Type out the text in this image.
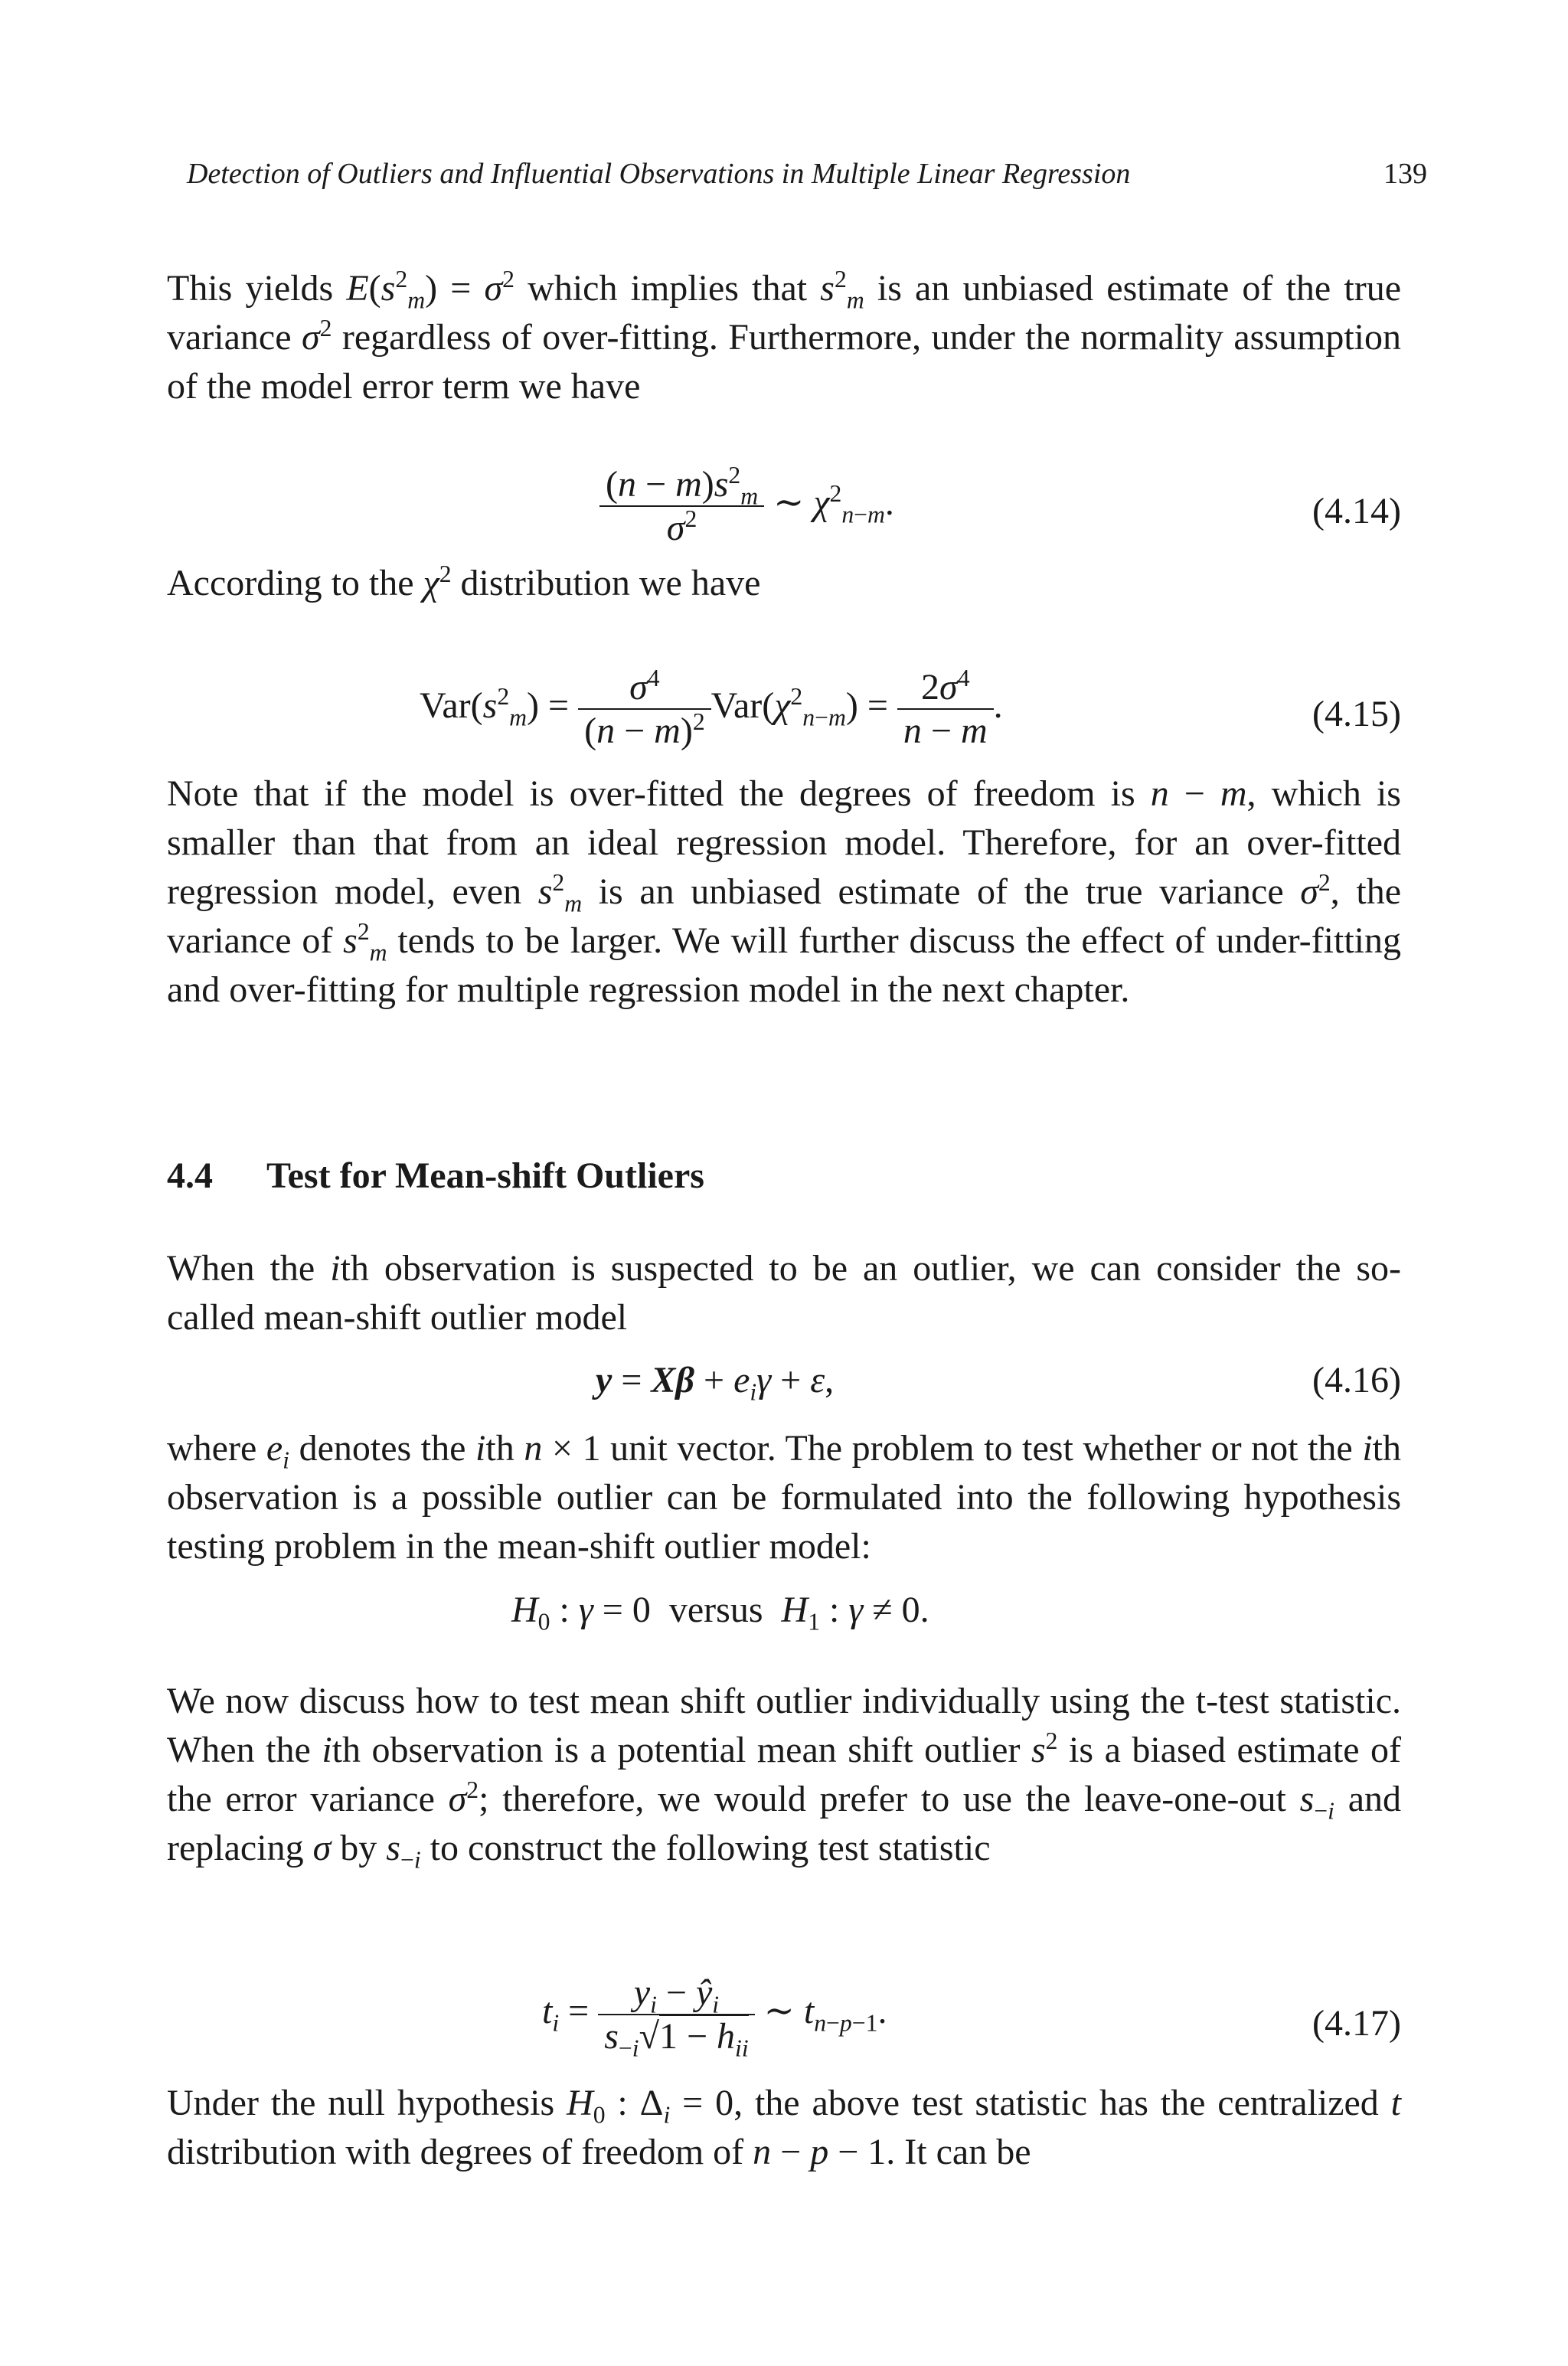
Detection of Outliers and Influential Observations in Multiple Linear Regression	139

This yields $E(s^2_m) = \sigma^2$ which implies that $s^2_m$ is an unbiased estimate of the true variance $\sigma^2$ regardless of over-fitting. Furthermore, under the normality assumption of the model error term we have

$\frac{(n - m)s^2_m}{\sigma^2}$ ∼ $\chi^2_{n-m}$.	(4.14)

According to the $\chi^2$ distribution we have

$Var(s^2_m) = \frac{\sigma^4}{(n - m)^2} Var(\chi^2_{n-m}) = \frac{2\sigma^4}{n - m}$ .	(4.15)

Note that if the model is over-fitted the degrees of freedom is n − m, which is smaller than that from an ideal regression model. Therefore, for an over-fitted regression model, even $s^2_m$ is an unbiased estimate of the true variance $\sigma^2$, the variance of $s^2_m$ tends to be larger. We will further discuss the effect of under-fitting and over-fitting for multiple regression model in the next chapter.

4.4 Test for Mean-shift Outliers

When the ith observation is suspected to be an outlier, we can consider the so-called mean-shift outlier model

$y = X\beta + e_i\gamma + \varepsilon$,	(4.16)

where $e_i$ denotes the ith n × 1 unit vector. The problem to test whether or not the ith observation is a possible outlier can be formulated into the following hypothesis testing problem in the mean-shift outlier model:

$H_0$ : γ = 0  versus $H_1$ : γ ≠ 0.

We now discuss how to test mean shift outlier individually using the t-test statistic. When the ith observation is a potential mean shift outlier $s^2$ is a biased estimate of the error variance $\sigma^2$; therefore, we would prefer to use the leave-one-out $s_{-i}$ and replacing σ by $s_{-i}$ to construct the following test statistic

$t_i = \frac{y_i - ŷ_i}{s_{-i}√1 - h_{ii}}$ ∼ $t_{n-p-1}$.	(4.17)

Under the null hypothesis $H_0$ : $\Delta_i = 0$, the above test statistic has the centralized t distribution with degrees of freedom of n − p − 1. It can be
